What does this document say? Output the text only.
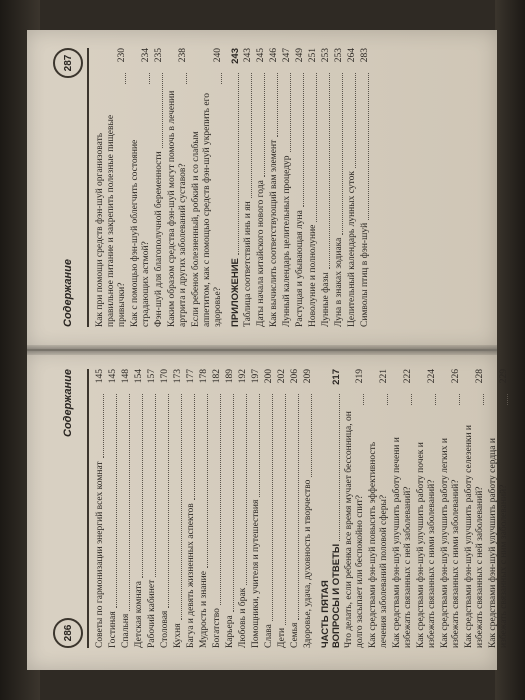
286
Содержание
Советы по гармонизации энергий всех комнат
145
Гостиная
145
Спальня
148
Детская комната
154
Рабочий кабинет
157
Столовая
170
Кухня
173
Багуа и девять жизненных аспектов
177
Мудрость и знание
178
Богатство
182
Карьера
189
Любовь и брак
192
Помощники, учителя и путешествия
197
Слава
200
Дети
202
Семья
206
Здоровье, удача, духовность и творчество
209
ЧАСТЬ ПЯТАЯ ВОПРОСЫ И ОТВЕТЫ
217
Что делать, если ребенка все время мучает бессонница, он долго засыпает или беспокойно спит?
219
Как средствами фэн-шуй повысить эффективность лечения заболеваний половой сферы?
221
Как средствами фэн-шуй улучшить работу печени и избежать связанных с ней заболеваний?
222
Как средствами фэн-шуй улучшить работу почек и избежать связанных с ними заболеваний?
224
Как средствами фэн-шуй улучшить работу легких и избежать связанных с ними заболеваний?
226
Как средствами фэн-шуй улучшить работу селезенки и избежать связанных с ней заболеваний?
228
Как средствами фэн-шуй улучшить работу сердца и избежать связанных с ним заболеваний?
229
Содержание
287
Как при помощи средств фэн-шуй организовать правильное питание и закрепить полезные пищевые привычки?
230
Как с помощью фэн-шуй облегчить состояние страдающих астмой?
234
Фэн-шуй для благополучной беременности
235
Каким образом средства фэн-шуй могут помочь в лечении артрита и других заболеваний суставов?
238
Если ребенок болезненный, робкий и со слабым аппетитом, как с помощью средств фэн-шуй укрепить его здоровье?
240
ПРИЛОЖЕНИЕ
243
Таблица соответствий инь и ян
243
Даты начала китайского нового года
245
Как вычислить соответствующий вам элемент
246
Лунный календарь целительных процедур
247
Растущая и убывающая луна
249
Новолуние и полнолуние
251
Лунные фазы
253
Луна в знаках зодиака
253
Целительный календарь лунных суток
264
Символы птиц в фэн-шуй
283
